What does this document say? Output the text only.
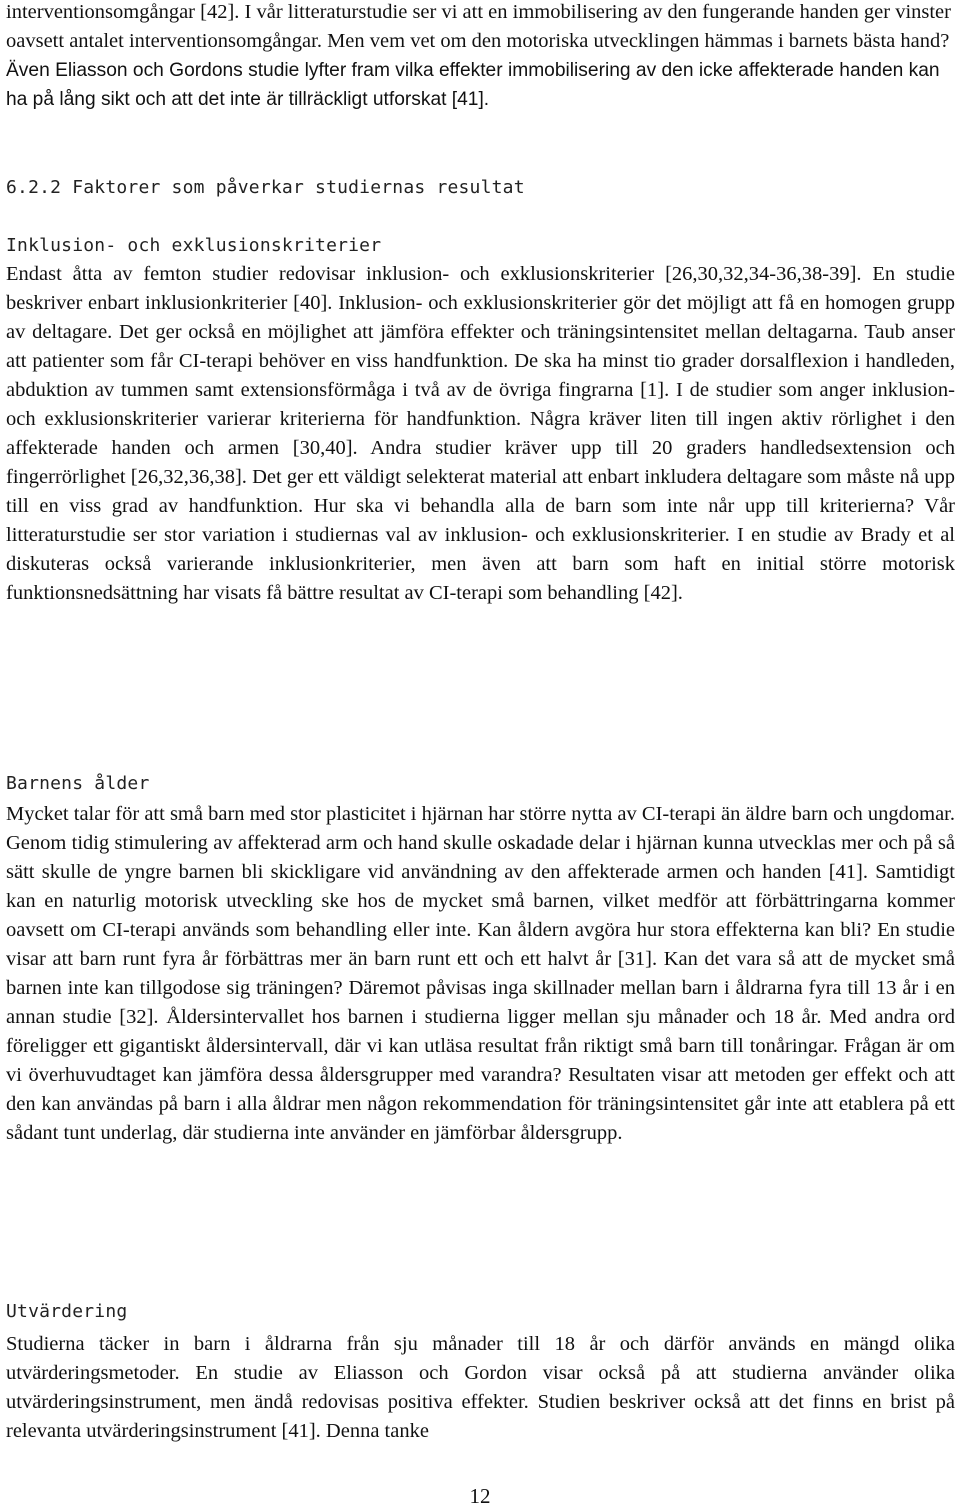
interventionsomgångar [42]. I vår litteraturstudie ser vi att en immobilisering av den fungerande handen ger vinster oavsett antalet interventionsomgångar. Men vem vet om den motoriska utvecklingen hämmas i barnets bästa hand?

Även Eliasson och Gordons studie lyfter fram vilka effekter immobilisering av den icke affekterade handen kan ha på lång sikt och att det inte är tillräckligt utforskat [41].
6.2.2 Faktorer som påverkar studiernas resultat
Inklusion- och exklusionskriterier

Endast åtta av femton studier redovisar inklusion- och exklusionskriterier [26,30,32,34-36,38-39]. En studie beskriver enbart inklusionkriterier [40]. Inklusion- och exklusionskriterier gör det möjligt att få en homogen grupp av deltagare. Det ger också en möjlighet att jämföra effekter och träningsintensitet mellan deltagarna. Taub anser att patienter som får CI-terapi behöver en viss handfunktion. De ska ha minst tio grader dorsalflexion i handleden, abduktion av tummen samt extensionsförmåga i två av de övriga fingrarna [1]. I de studier som anger inklusion- och exklusionskriterier varierar kriterierna för handfunktion. Några kräver liten till ingen aktiv rörlighet i den affekterade handen och armen [30,40]. Andra studier kräver upp till 20 graders handledsextension och fingerrörlighet [26,32,36,38]. Det ger ett väldigt selekterat material att enbart inkludera deltagare som måste nå upp till en viss grad av handfunktion. Hur ska vi behandla alla de barn som inte når upp till kriterierna? Vår litteraturstudie ser stor variation i studiernas val av inklusion- och exklusionskriterier. I en studie av Brady et al diskuteras också varierande inklusionkriterier, men även att barn som haft en initial större motorisk funktionsnedsättning har visats få bättre resultat av CI-terapi som behandling [42].

Barnens ålder

Mycket talar för att små barn med stor plasticitet i hjärnan har större nytta av CI-terapi än äldre barn och ungdomar. Genom tidig stimulering av affekterad arm och hand skulle oskadade delar i hjärnan kunna utvecklas mer och på så sätt skulle de yngre barnen bli skickligare vid användning av den affekterade armen och handen [41]. Samtidigt kan en naturlig motorisk utveckling ske hos de mycket små barnen, vilket medför att förbättringarna kommer oavsett om CI-terapi används som behandling eller inte. Kan åldern avgöra hur stora effekterna kan bli? En studie visar att barn runt fyra år förbättras mer än barn runt ett och ett halvt år [31]. Kan det vara så att de mycket små barnen inte kan tillgodose sig träningen? Däremot påvisas inga skillnader mellan barn i åldrarna fyra till 13 år i en annan studie [32]. Åldersintervallet hos barnen i studierna ligger mellan sju månader och 18 år. Med andra ord föreligger ett gigantiskt åldersintervall, där vi kan utläsa resultat från riktigt små barn till tonåringar. Frågan är om vi överhuvudtaget kan jämföra dessa åldersgrupper med varandra? Resultaten visar att metoden ger effekt och att den kan användas på barn i alla åldrar men någon rekommendation för träningsintensitet går inte att etablera på ett sådant tunt underlag, där studierna inte använder en jämförbar åldersgrupp.

Utvärdering

Studierna täcker in barn i åldrarna från sju månader till 18 år och därför används en mängd olika utvärderingsmetoder. En studie av Eliasson och Gordon visar också på att studierna använder olika utvärderingsinstrument, men ändå redovisas positiva effekter. Studien beskriver också att det finns en brist på relevanta utvärderingsinstrument [41]. Denna tanke

12
